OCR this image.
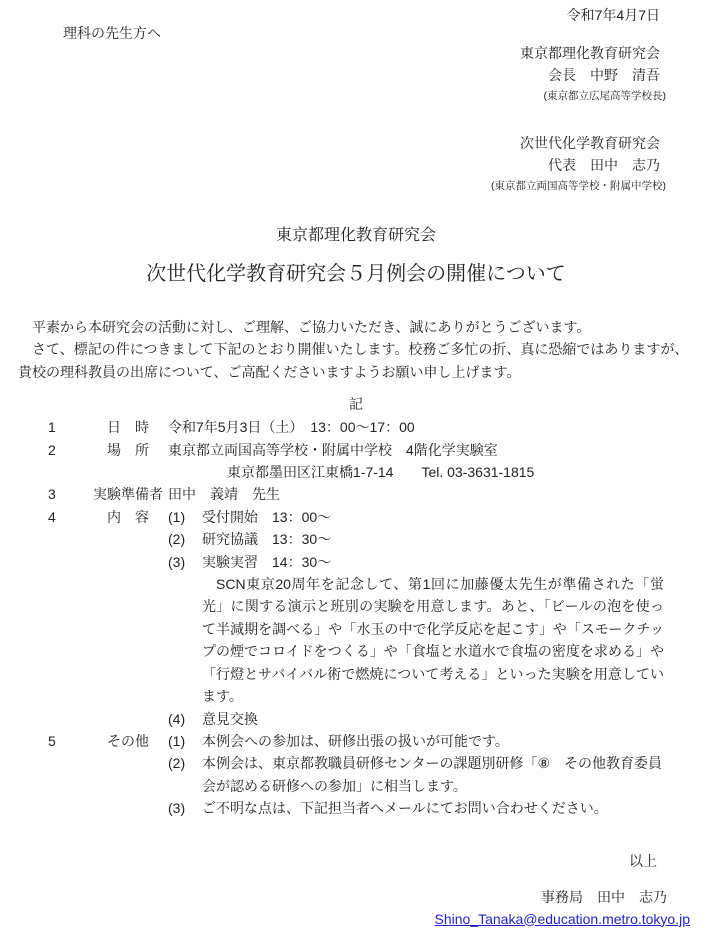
令和7年4月7日
理科の先生方へ
東京都理化教育研究会
会長　中野　清吾
(東京都立広尾高等学校長)
次世代化学教育研究会
代表　田中　志乃
(東京都立両国高等学校・附属中学校)
東京都理化教育研究会
次世代化学教育研究会５月例会の開催について

平素から本研究会の活動に対し、ご理解、ご協力いただき、誠にありがとうございます。

さて、標記の件につきまして下記のとおり開催いたします。校務ご多忙の折、真に恐縮ではありますが、貴校の理科教員の出席について、ご高配くださいますようお願い申し上げます。

記
1	日　時	令和7年5月3日（土）　13：00～17：00
2	場　所	東京都立両国高等学校・附属中学校　4階化学実験室
東京都墨田区江東橋1-7-14　　Tel. 03-3631-1815
3	実験準備者 田中　義靖　先生
4	内　容	(1)	受付開始　13：00～
(2)	研究協議　13：30～
(3)	実験実習　14：30～
SCN東京20周年を記念して、第1回に加藤優太先生が準備された「蛍光」に関する演示と班別の実験を用意します。あと、「ビールの泡を使って半減期を調べる」や「水玉の中で化学反応を起こす」や「スモークチップの煙でコロイドをつくる」や「食塩と水道水で食塩の密度を求める」や「行燈とサバイバル術で燃焼について考える」といった実験を用意しています。
(4)	意見交換
5	その他	(1)	本例会への参加は、研修出張の扱いが可能です。
(2)	本例会は、東京都教職員研修センターの課題別研修「⑧　その他教育委員会が認める研修への参加」に相当します。
(3)	ご不明な点は、下記担当者へメールにてお問い合わせください。
以上
事務局　田中　志乃
Shino_Tanaka@education.metro.tokyo.jp
